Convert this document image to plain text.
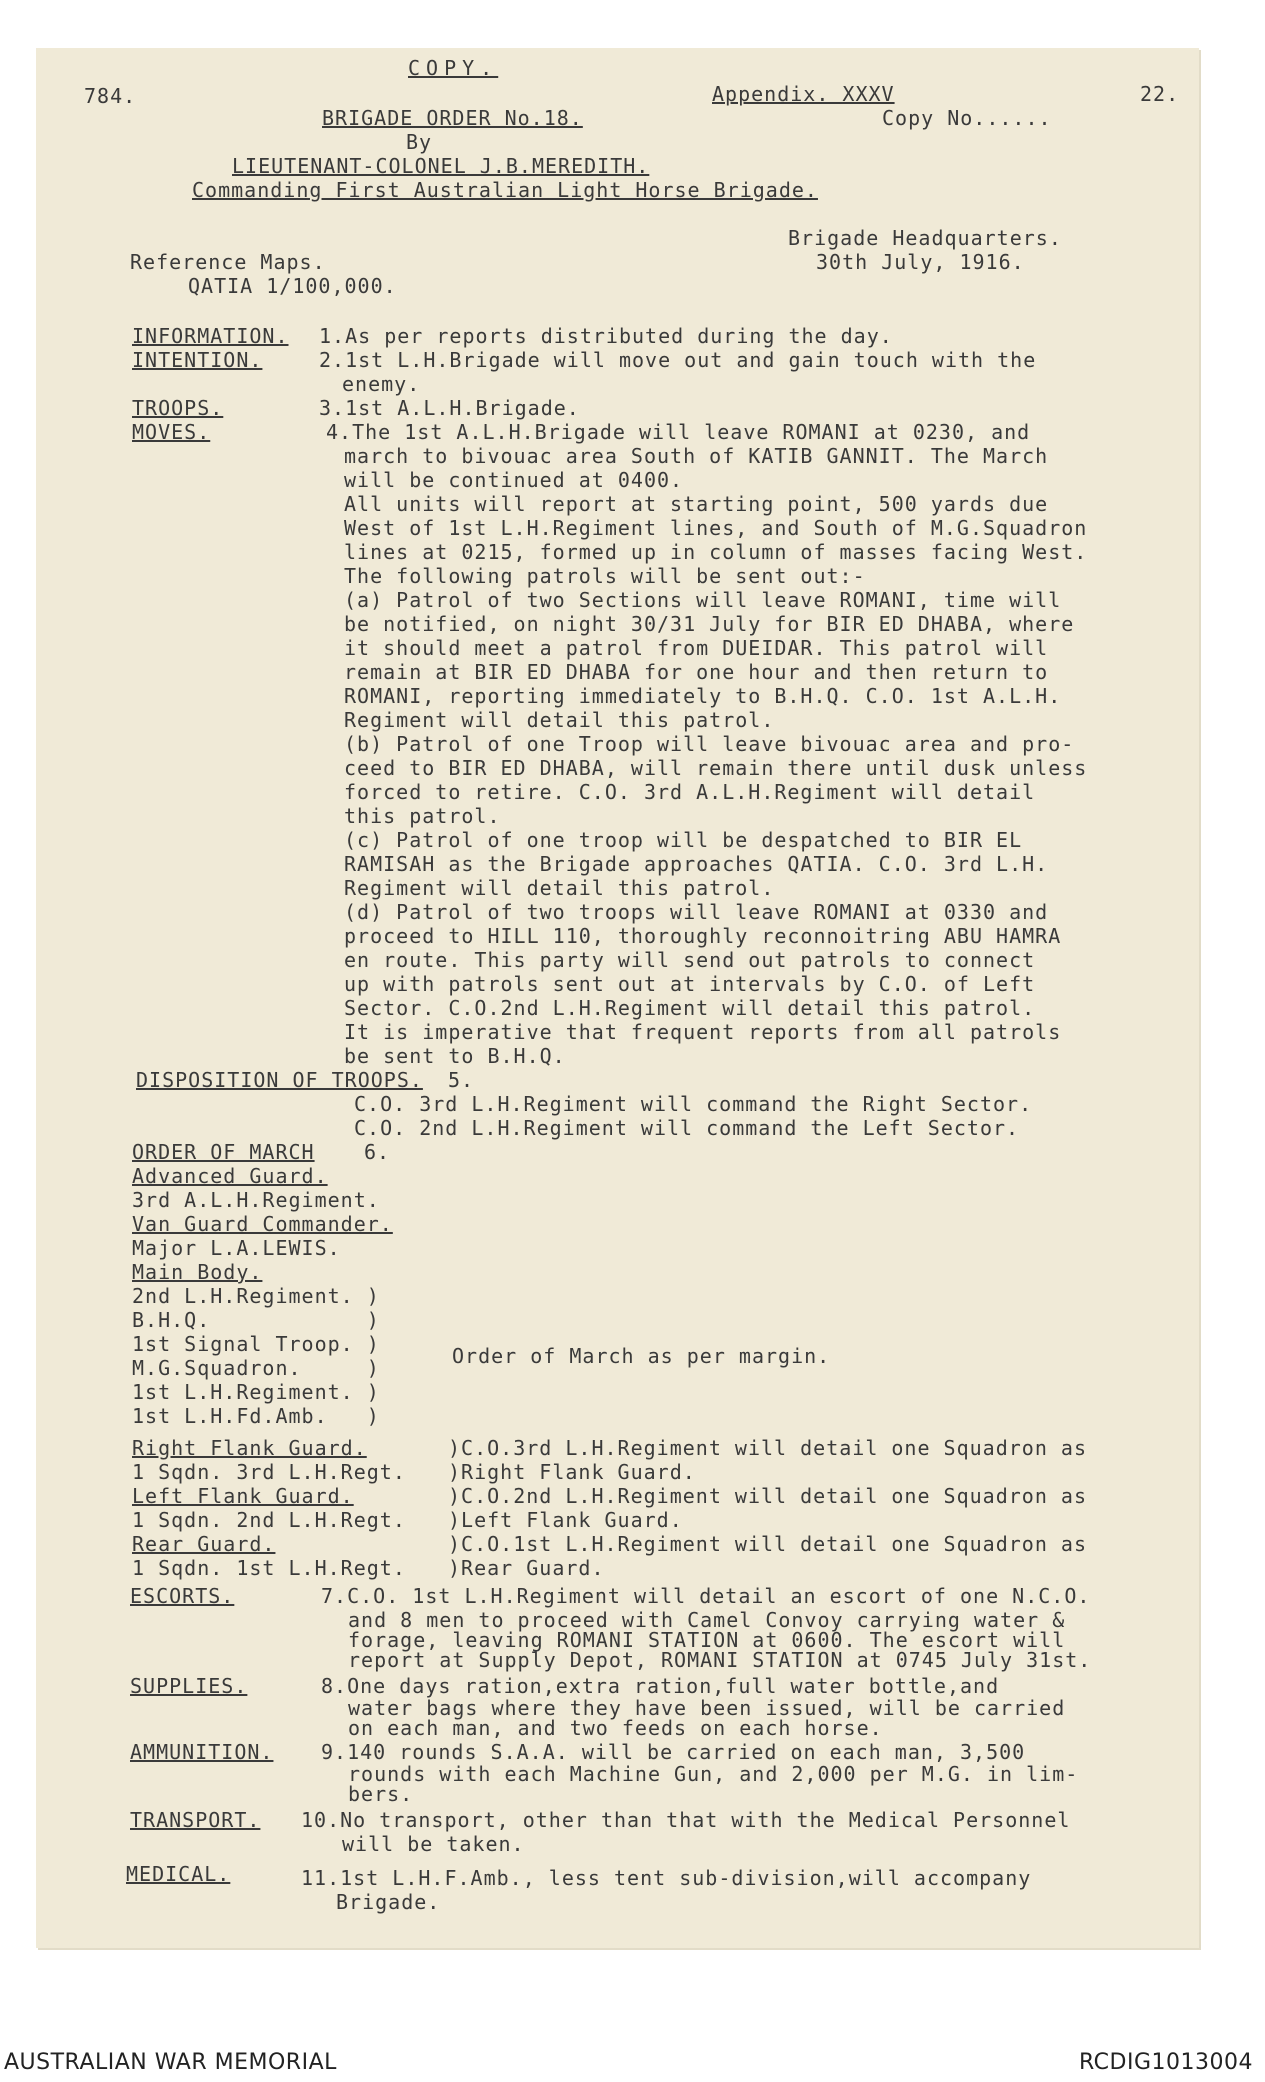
784.
COPY.
Appendix. XXXV	22.
BRIGADE ORDER No.18.	Copy No......
By
LIEUTENANT-COLONEL J.B.MEREDITH.
Commanding First Australian Light Horse Brigade.
Brigade Headquarters.
Reference Maps.	30th July, 1916.
QATIA 1/100,000.
INFORMATION. 1.As per reports distributed during the day.
INTENTION.	2.1st L.H.Brigade will move out and gain touch with the
enemy.
TROOPS.	3.1st A.L.H.Brigade.
MOVES.	4.The 1st A.L.H.Brigade will leave ROMANI at 0230, and
march to bivouac area South of KATIB GANNIT. The March
will be continued at 0400.
All units will report at starting point, 500 yards due
West of 1st L.H.Regiment lines, and South of M.G.Squadron
lines at 0215, formed up in column of masses facing West.
The following patrols will be sent out:-
(a) Patrol of two Sections will leave ROMANI, time will
be notified, on night 30/31 July for BIR ED DHABA, where
it should meet a patrol from DUEIDAR. This patrol will
remain at BIR ED DHABA for one hour and then return to
ROMANI, reporting immediately to B.H.Q. C.O. 1st A.L.H.
Regiment will detail this patrol.
(b) Patrol of one Troop will leave bivouac area and pro-
ceed to BIR ED DHABA, will remain there until dusk unless
forced to retire. C.O. 3rd A.L.H.Regiment will detail
this patrol.
(c) Patrol of one troop will be despatched to BIR EL
RAMISAH as the Brigade approaches QATIA. C.O. 3rd L.H.
Regiment will detail this patrol.
(d) Patrol of two troops will leave ROMANI at 0330 and
proceed to HILL 110, thoroughly reconnoitring ABU HAMRA
en route. This party will send out patrols to connect
up with patrols sent out at intervals by C.O. of Left
Sector. C.O.2nd L.H.Regiment will detail this patrol.
It is imperative that frequent reports from all patrols
be sent to B.H.Q.
DISPOSITION OF TROOPS. 5.
C.O. 3rd L.H.Regiment will command the Right Sector.
C.O. 2nd L.H.Regiment will command the Left Sector.
ORDER OF MARCH 6.
Advanced Guard.
3rd A.L.H.Regiment.
Van Guard Commander.
Major L.A.LEWIS.
Main Body.
2nd L.H.Regiment. )
B.H.Q.            )
1st Signal Troop. )
M.G.Squadron.     )
1st L.H.Regiment. )
1st L.H.Fd.Amb.   )
Order of March as per margin.
Right Flank Guard.	)C.O.3rd L.H.Regiment will detail one Squadron as
1 Sqdn. 3rd L.H.Regt. )Right Flank Guard.
Left Flank Guard.	)C.O.2nd L.H.Regiment will detail one Squadron as
1 Sqdn. 2nd L.H.Regt. )Left Flank Guard.
Rear Guard.	)C.O.1st L.H.Regiment will detail one Squadron as
1 Sqdn. 1st L.H.Regt. )Rear Guard.
ESCORTS.	7.C.O. 1st L.H.Regiment will detail an escort of one N.C.O.
and 8 men to proceed with Camel Convoy carrying water &
forage, leaving ROMANI STATION at 0600. The escort will
report at Supply Depot, ROMANI STATION at 0745 July 31st.
SUPPLIES.	8.One days ration,extra ration,full water bottle,and
water bags where they have been issued, will be carried
on each man, and two feeds on each horse.
AMMUNITION. 9.140 rounds S.A.A. will be carried on each man, 3,500
rounds with each Machine Gun, and 2,000 per M.G. in lim-
bers.
TRANSPORT. 10.No transport, other than that with the Medical Personnel
will be taken.
MEDICAL.	11.1st L.H.F.Amb., less tent sub-division,will accompany
Brigade.
AUSTRALIAN WAR MEMORIAL	RCDIG1013004
